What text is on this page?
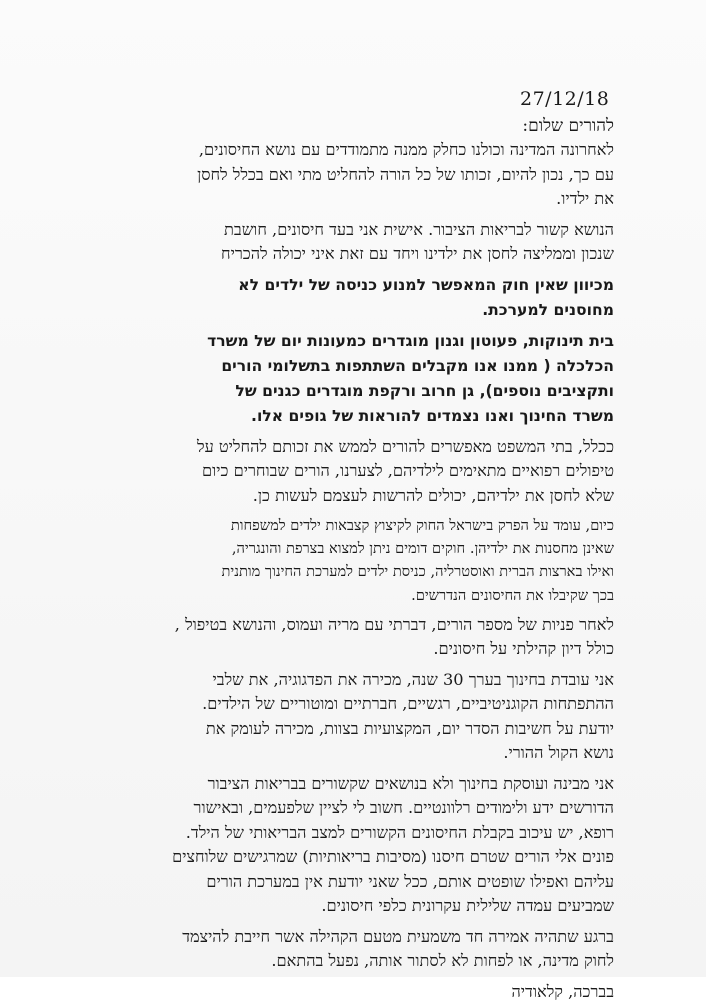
27/12/18

להורים שלום:

לאחרונה המדינה וכולנו כחלק ממנה מתמודדים עם נושא החיסונים,
עם כך, נכון להיום, זכותו של כל הורה להחליט מתי ואם בכלל לחסן
את ילדיו.
הנושא קשור לבריאות הציבור. אישית אני בעד חיסונים, חושבת
שנכון וממליצה לחסן את ילדינו ויחד עם זאת איני יכולה להכריח
מכיוון שאין חוק המאפשר למנוע כניסה של ילדים לא
מחוסנים למערכת.
בית תינוקות, פעוטון וגנון מוגדרים כמעונות יום של משרד
הכלכלה ( ממנו אנו מקבלים השתתפות בתשלומי הורים
ותקציבים נוספים), גן חרוב ורקפת מוגדרים כגנים של
משרד החינוך ואנו נצמדים להוראות של גופים אלו.
ככלל, בתי המשפט מאפשרים להורים לממש את זכותם להחליט על
טיפולים רפואיים מתאימים לילדיהם, לצערנו, הורים שבוחרים כיום
שלא לחסן את ילדיהם, יכולים להרשות לעצמם לעשות כן.
כיום, עומד על הפרק בישראל החוק לקיצוץ קצבאות ילדים למשפחות
שאינן מחסנות את ילדיהן. חוקים דומים ניתן למצוא בצרפת והונגריה,
ואילו בארצות הברית ואוסטרליה, כניסת ילדים למערכת החינוך מותנית
בכך שקיבלו את החיסונים הנדרשים.
לאחר פניות של מספר הורים, דברתי עם מריה ועמוס, והנושא בטיפול ,
כולל דיון קהילתי על חיסונים.
אני עובדת בחינוך בערך 30 שנה, מכירה את הפדגוגיה, את שלבי
ההתפתחות הקוגניטיביים, רגשיים, חברתיים ומוטוריים של הילדים.
יודעת על חשיבות הסדר יום, המקצועיות בצוות, מכירה לעומק את
נושא הקול ההורי.
אני מבינה ועוסקת בחינוך ולא בנושאים שקשורים בבריאות הציבור
הדורשים ידע ולימודים רלוונטיים. חשוב לי לציין שלפעמים, ובאישור
רופא, יש עיכוב בקבלת החיסונים הקשורים למצב הבריאותי של הילד.
פונים אלי הורים שטרם חיסנו (מסיבות בריאותיות) שמרגישים שלוחצים
עליהם ואפילו שופטים אותם, ככל שאני יודעת אין במערכת הורים
שמביעים עמדה שלילית עקרונית כלפי חיסונים.
ברגע שתהיה אמירה חד משמעית מטעם הקהילה אשר חייבת להיצמד
לחוק מדינה, או לפחות לא לסתור אותה, נפעל בהתאם.
בברכה, קלאודיה
